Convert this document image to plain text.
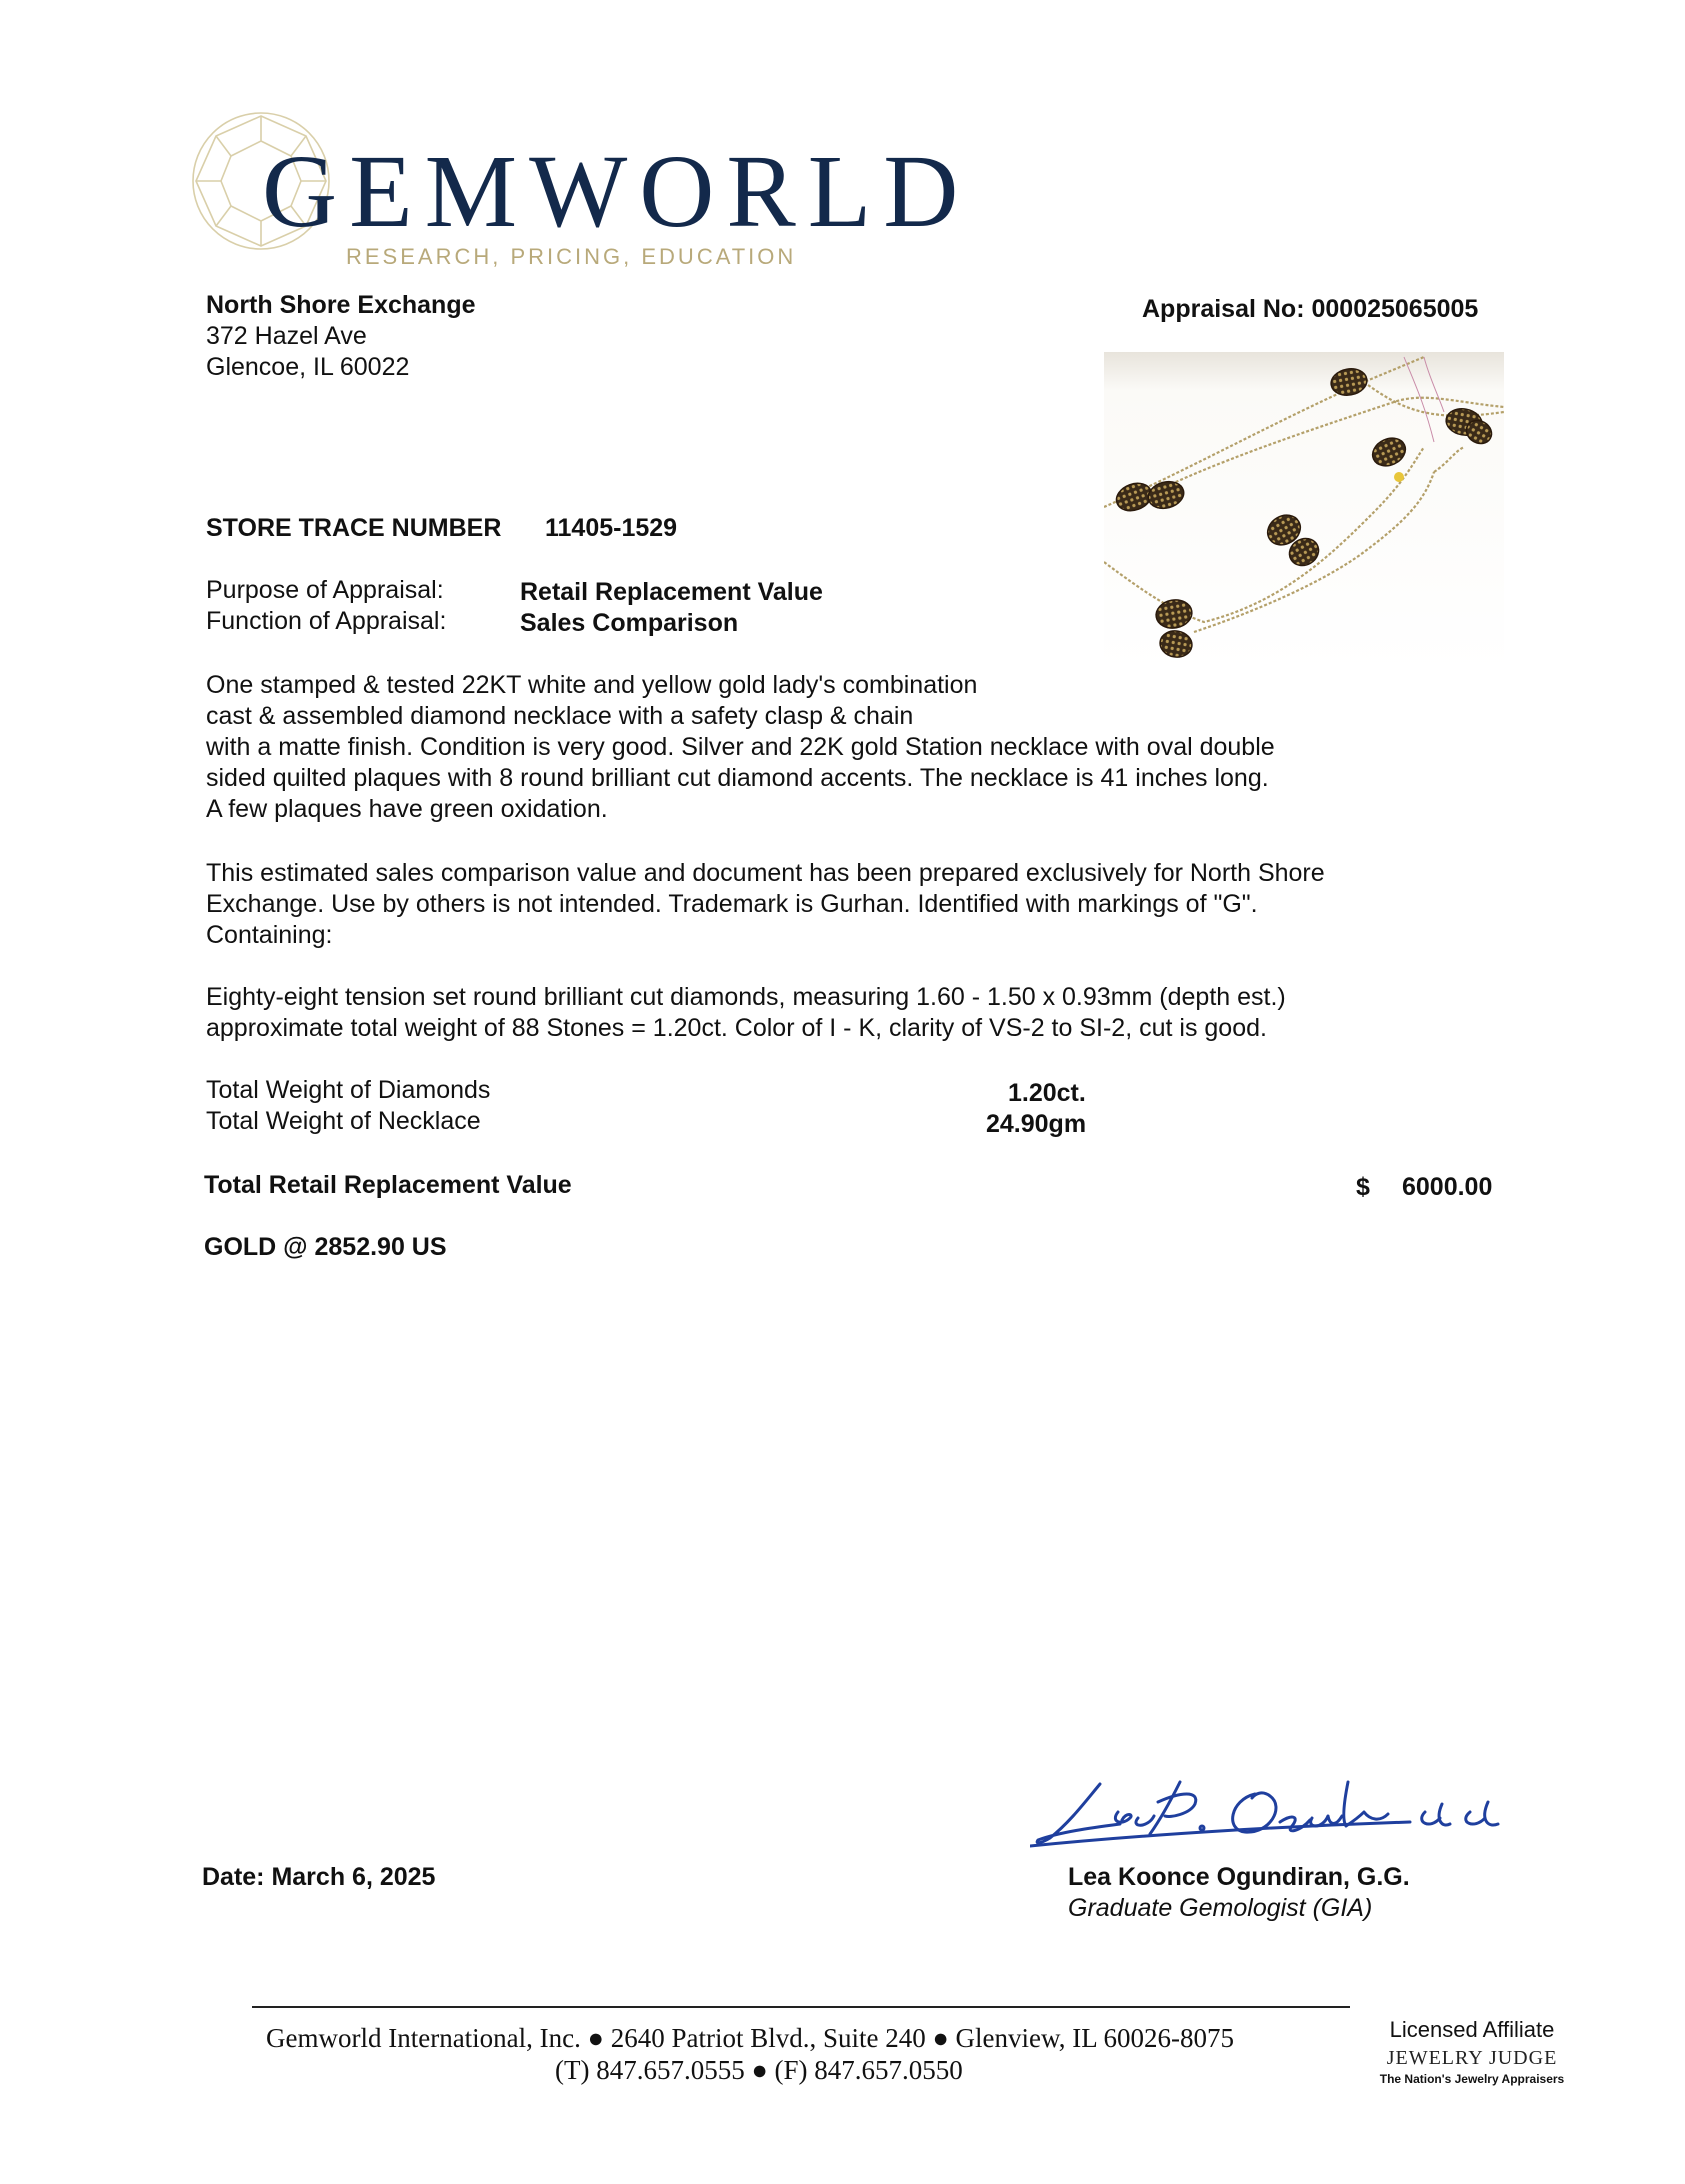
GEMWORLD
RESEARCH, PRICING, EDUCATION
North Shore Exchange
372 Hazel Ave
Glencoe, IL 60022
Appraisal No: 000025065005
STORE TRACE NUMBER 11405-1529
Purpose of Appraisal:	Retail Replacement Value
Function of Appraisal:	Sales Comparison
One stamped & tested 22KT white and yellow gold lady's combination
cast & assembled diamond necklace with a safety clasp & chain
with a matte finish. Condition is very good. Silver and 22K gold Station necklace with oval double
sided quilted plaques with 8 round brilliant cut diamond accents. The necklace is 41 inches long.
A few plaques have green oxidation.
This estimated sales comparison value and document has been prepared exclusively for North Shore
Exchange. Use by others is not intended. Trademark is Gurhan. Identified with markings of "G".
Containing:
Eighty-eight tension set round brilliant cut diamonds, measuring 1.60 - 1.50 x 0.93mm (depth est.)
approximate total weight of 88 Stones = 1.20ct. Color of I - K, clarity of VS-2 to SI-2, cut is good.
Total Weight of Diamonds	1.20ct.
Total Weight of Necklace	24.90gm
Total Retail Replacement Value	$ 6000.00
GOLD @ 2852.90 US
Date: March 6, 2025	Lea Koonce Ogundiran, G.G.
Graduate Gemologist (GIA)
Gemworld International, Inc. ● 2640 Patriot Blvd., Suite 240 ● Glenview, IL 60026-8075
(T) 847.657.0555 ● (F) 847.657.0550
Licensed Affiliate
JEWELRY JUDGE
The Nation's Jewelry Appraisers
